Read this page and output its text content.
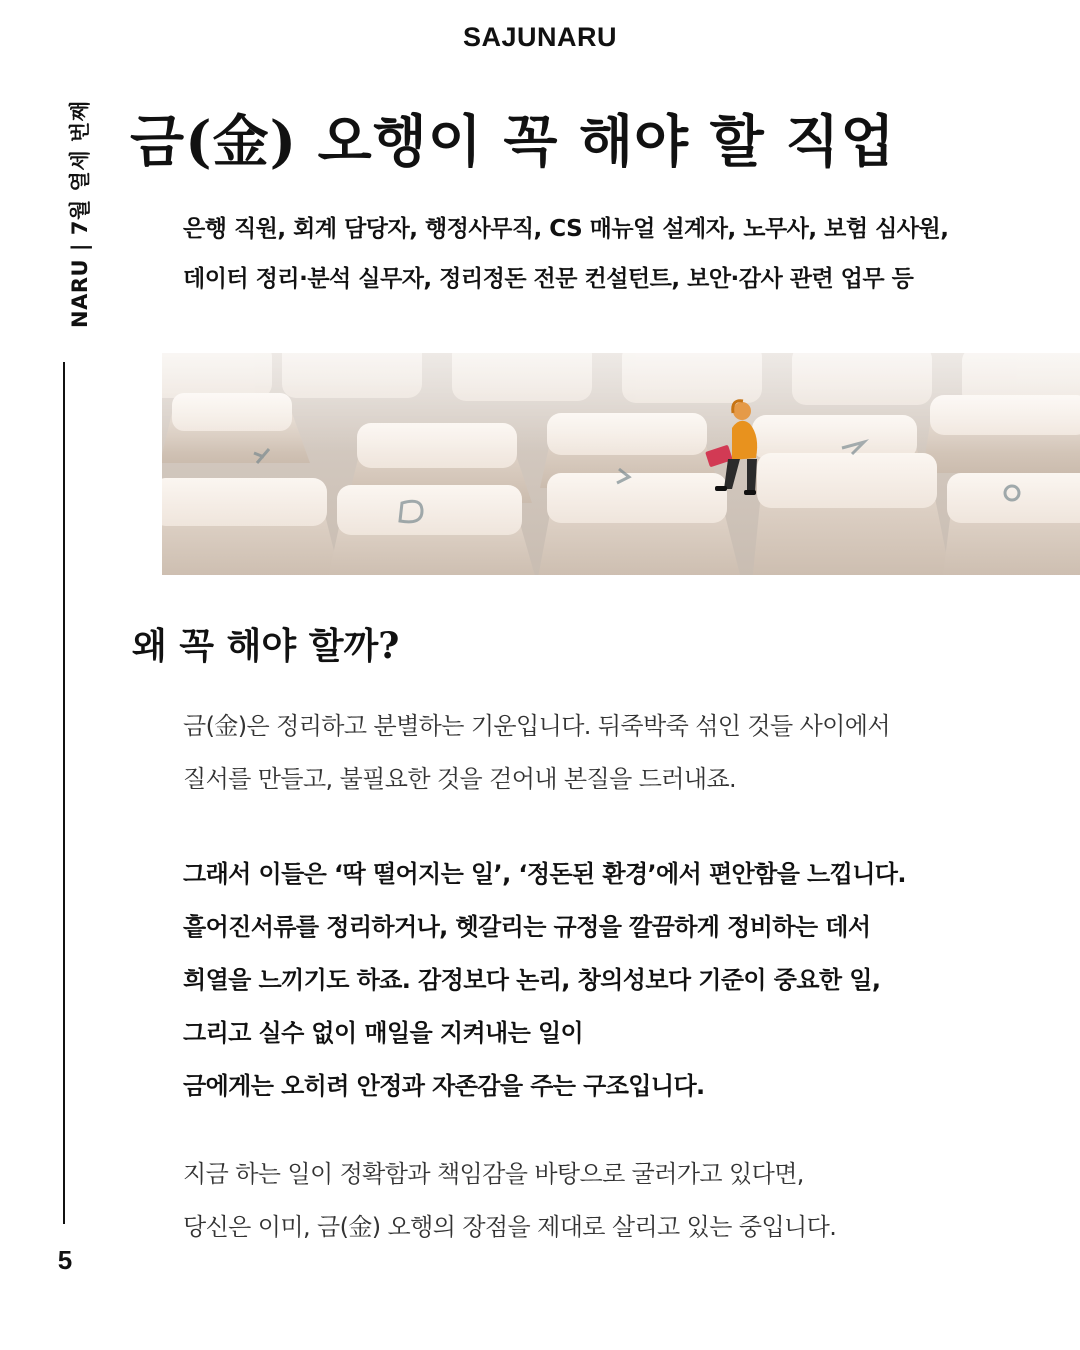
SAJUNARU
NARU | 7월 열세 번째
5
금(金) 오행이 꼭 해야 할 직업
은행 직원, 회계 담당자, 행정사무직, CS 매뉴얼 설계자, 노무사, 보험 심사원,
데이터 정리·분석 실무자, 정리정돈 전문 컨설턴트, 보안·감사 관련 업무 등
왜 꼭 해야 할까?
금(金)은 정리하고 분별하는 기운입니다. 뒤죽박죽 섞인 것들 사이에서
질서를 만들고, 불필요한 것을 걷어내 본질을 드러내죠.
그래서 이들은 ‘딱 떨어지는 일’, ‘정돈된 환경’에서 편안함을 느낍니다.
흩어진서류를 정리하거나, 헷갈리는 규정을 깔끔하게 정비하는 데서
희열을 느끼기도 하죠. 감정보다 논리, 창의성보다 기준이 중요한 일,
그리고 실수 없이 매일을 지켜내는 일이
금에게는 오히려 안정과 자존감을 주는 구조입니다.
지금 하는 일이 정확함과 책임감을 바탕으로 굴러가고 있다면,
당신은 이미, 금(金) 오행의 장점을 제대로 살리고 있는 중입니다.
